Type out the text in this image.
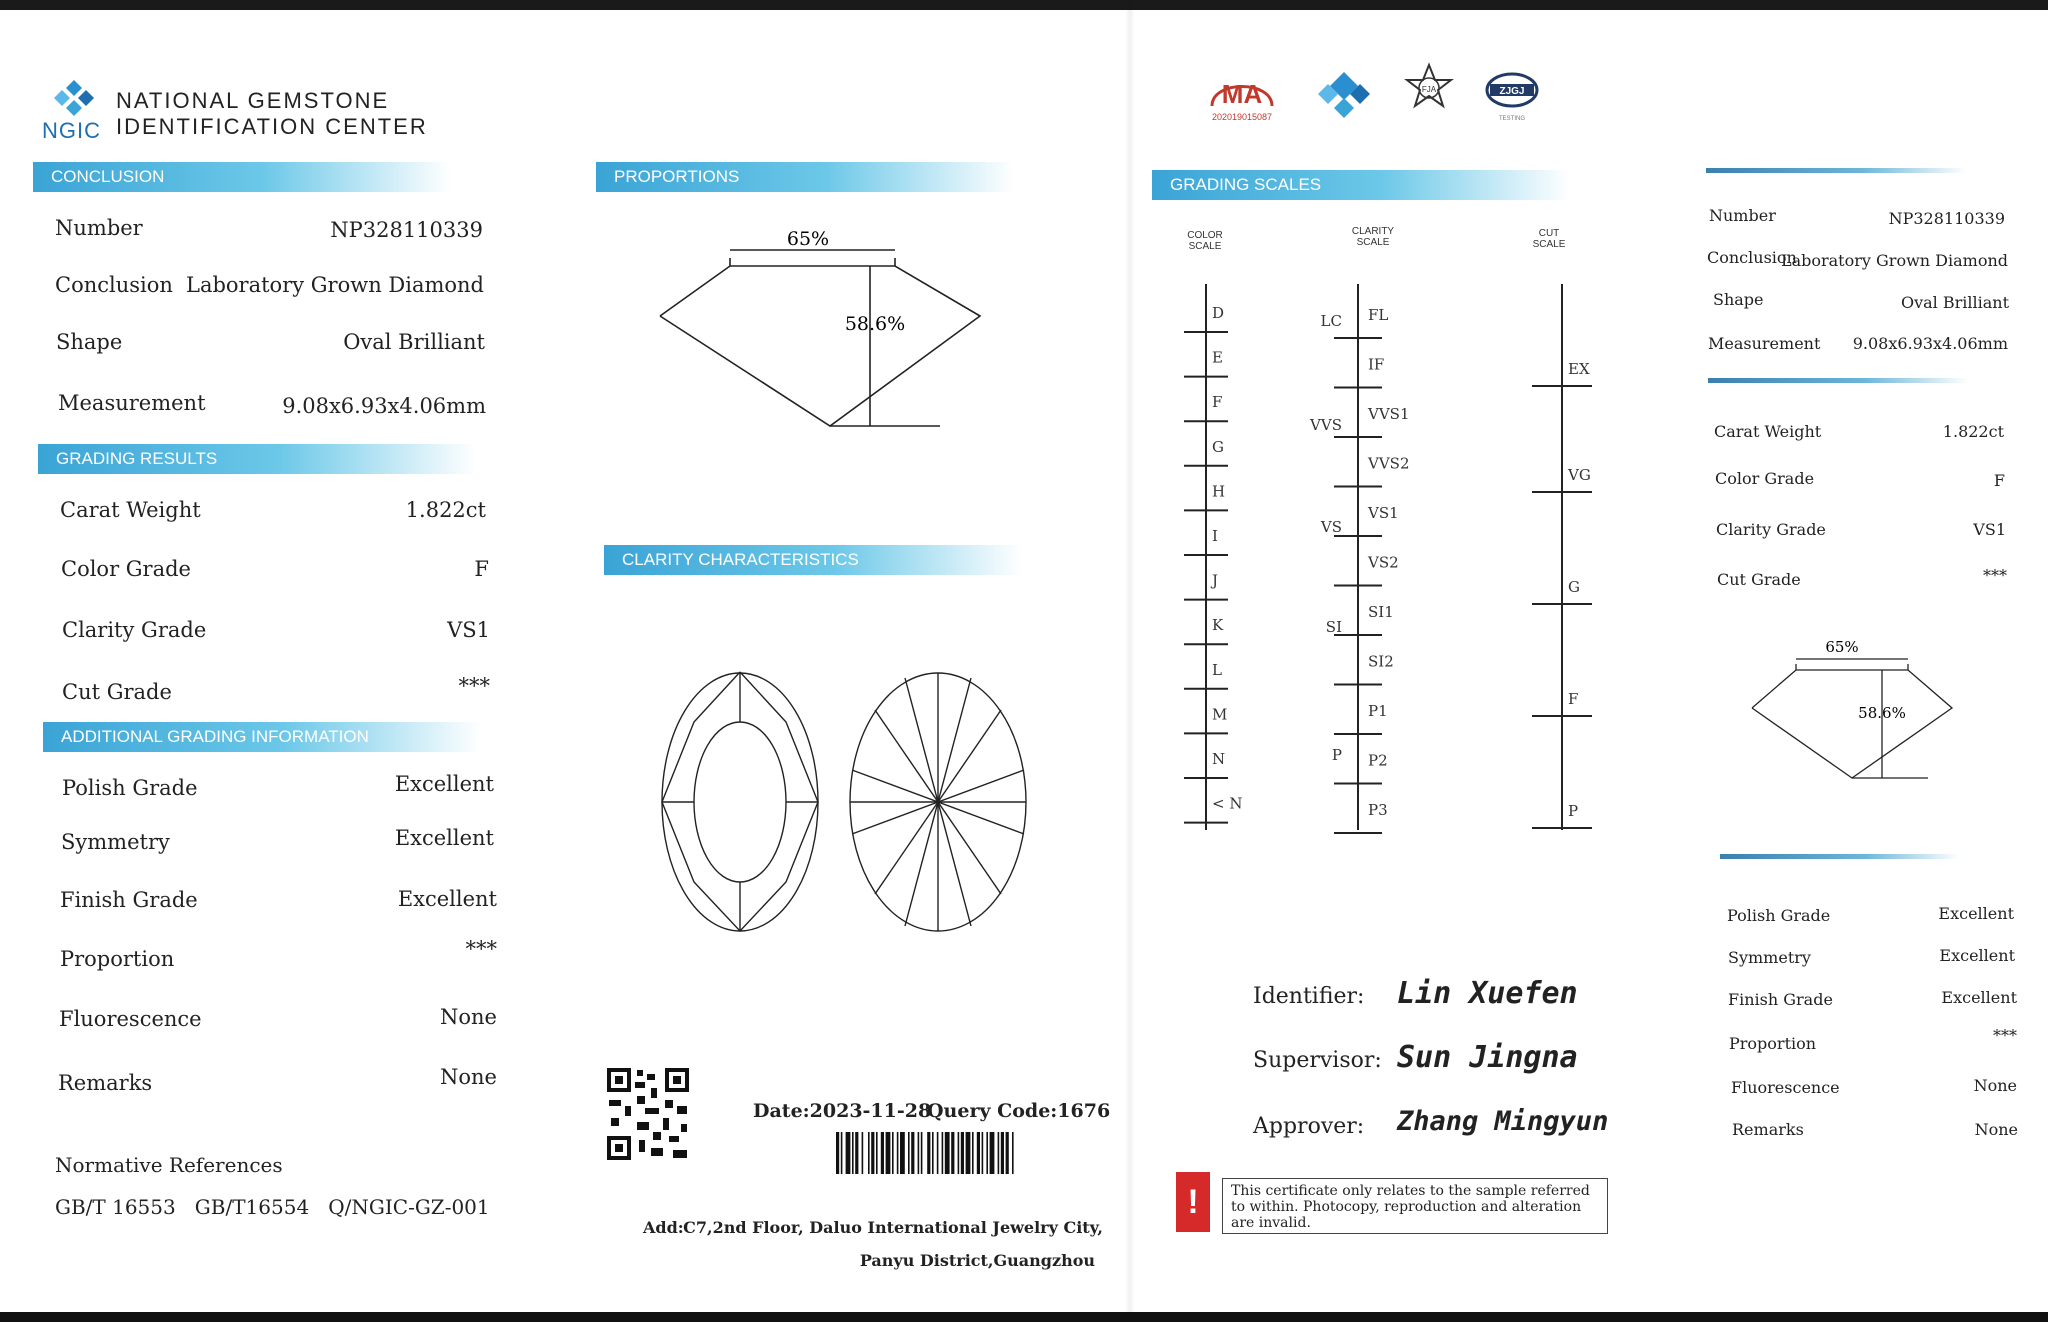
NGIC
NATIONAL GEMSTONE
IDENTIFICATION CENTER
CONCLUSION
Number	NP328110339
Conclusion Laboratory Grown Diamond
Shape	Oval Brilliant
Measurement	9.08x6.93x4.06mm
GRADING RESULTS
Carat Weight	1.822ct
Color Grade	F
Clarity Grade	VS1
Cut Grade	***
ADDITIONAL GRADING INFORMATION
Polish Grade	Excellent
Symmetry	Excellent
Finish Grade	Excellent
Proportion	***
Fluorescence	None
Remarks	None
Normative References
GB/T 16553   GB/T16554   Q/NGIC-GZ-001
PROPORTIONS
65%
58.6%
CLARITY CHARACTERISTICS
Date:2023-11-28
Query Code:1676
Add: C7,2nd Floor, Daluo International Jewelry City,
Panyu District,Guangzhou
MA
202019015087
FJA	ZJGJ
TESTING
GRADING SCALES
COLOR
SCALE
CLARITY
SCALE
CUT
SCALE
D
E
F
G
H
I
J
K
L
M
N
< N
FL
IF
VVS1
VVS2
VS1
VS2
SI1
SI2
P1
P2
P3
LC
VVS
VS
SI
P
EX
VG
G
F
P
Identifier: Lin Xuefen
Supervisor: Sun Jingna
Approver: Zhang Mingyun
!	This certificate only relates to the sample referred to within. Photocopy, reproduction and alteration are invalid.
Number	NP328110339
Conclusion
Laboratory Grown Diamond
Shape	Oval Brilliant
Measurement 9.08x6.93x4.06mm
Carat Weight	1.822ct
Color Grade	F
Clarity Grade	VS1
Cut Grade	***
65%
58.6%
Polish Grade	Excellent
Symmetry	Excellent
Finish Grade	Excellent
Proportion	***
Fluorescence	None
Remarks	None
